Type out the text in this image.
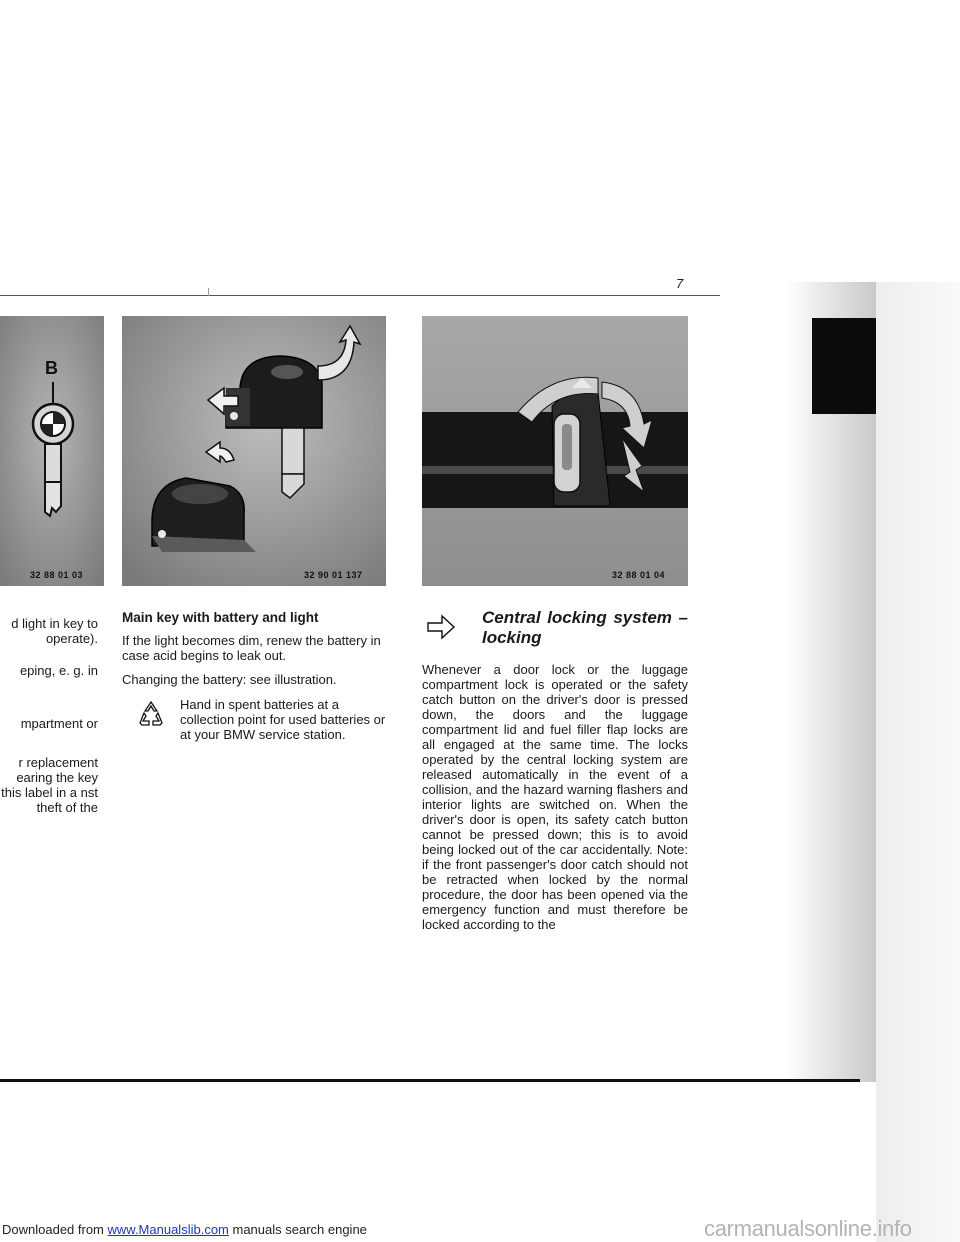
7
32 88 01 03
B
32 90 01 137	32 88 01 04

d light in key to operate).

eping, e. g. in

mpartment or

r replacement earing the key this label in a nst theft of the

Main key with battery and light

If the light becomes dim, renew the battery in case acid begins to leak out.

Changing the battery: see illustration.

Hand in spent batteries at a collection point for used batteries or at your BMW service station.
Central locking system – locking

Whenever a door lock or the luggage compartment lock is operated or the safety catch button on the driver's door is pressed down, the doors and the luggage compartment lid and fuel filler flap locks are all engaged at the same time. The locks operated by the central locking system are released automatically in the event of a collision, and the hazard warning flashers and interior lights are switched on. When the driver's door is open, its safety catch button cannot be pressed down; this is to avoid being locked out of the car accidentally. Note: if the front passenger's door catch should not be retracted when locked by the normal procedure, the door has been opened via the emergency function and must therefore be locked according to the

Downloaded from www.Manualslib.com manuals search engine	carmanualsonline.info
